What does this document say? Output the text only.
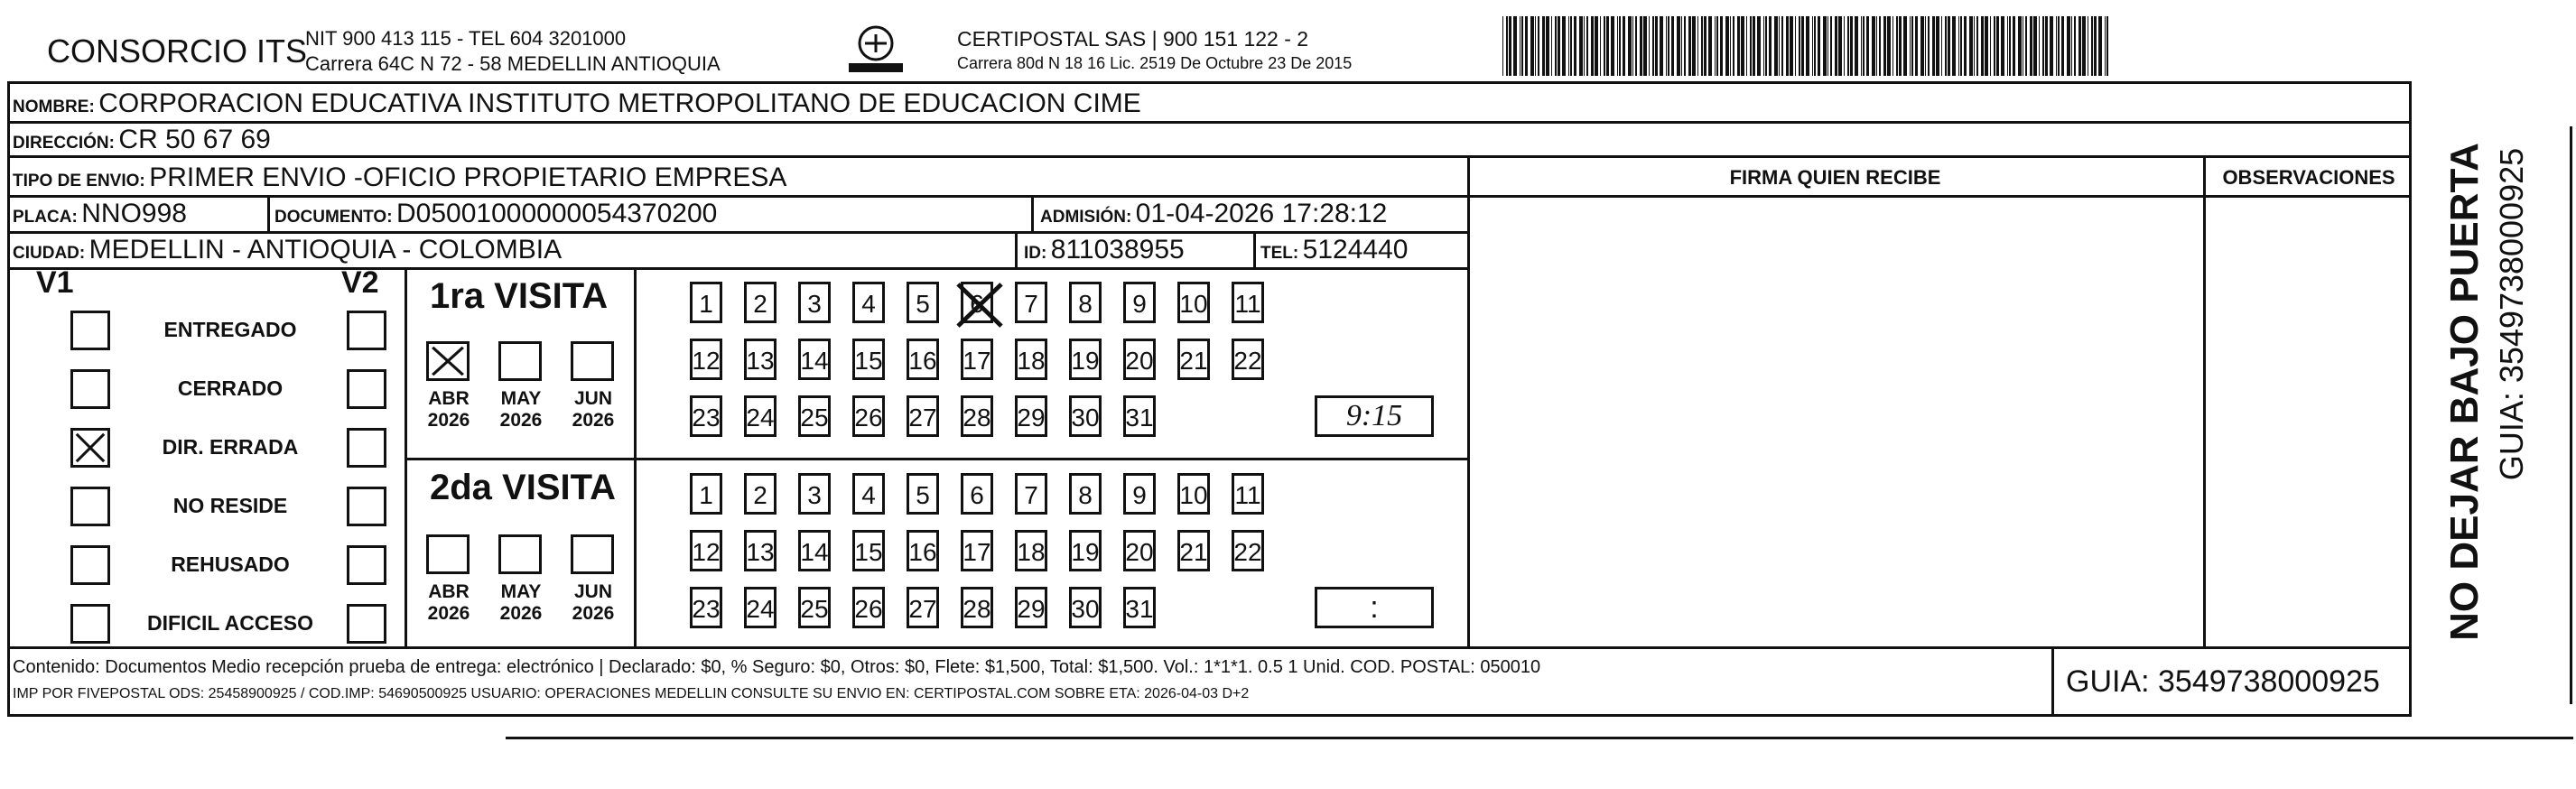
CONSORCIO ITS
NIT 900 413 115 - TEL 604 3201000
Carrera 64C N 72 - 58 MEDELLIN ANTIOQUIA
CERTIPOSTAL SAS | 900 151 122 - 2
Carrera 80d N 18 16 Lic. 2519 De Octubre 23 De 2015
NOMBRE: CORPORACION EDUCATIVA INSTITUTO METROPOLITANO DE EDUCACION CIME
DIRECCIÓN: CR 50 67 69
TIPO DE ENVIO: PRIMER ENVIO -OFICIO PROPIETARIO EMPRESA
PLACA: NNO998	DOCUMENTO: D05001000000054370200	ADMISIÓN: 01-04-2026 17:28:12
CIUDAD: MEDELLIN - ANTIOQUIA - COLOMBIA	ID: 811038955	TEL: 5124440
FIRMA QUIEN RECIBE	OBSERVACIONES
V1	V2
ENTREGADO
CERRADO
DIR. ERRADA
NO RESIDE
REHUSADO
DIFICIL ACCESO
1ra VISITA
2da VISITA
ABR
2026
MAY
2026
JUN
2026
ABR
2026
MAY
2026
JUN
2026
1	2	3	4	5	6	7	8	9	10 11
12 13 14 15 16 17 18 19 20 21 22
23 24 25 26 27 28 29 30 31	9:15
1	2	3	4	5	6	7	8	9	10 11
12 13 14 15 16 17 18 19 20 21 22
23 24 25 26 27 28 29 30 31	:
Contenido: Documentos Medio recepción prueba de entrega: electrónico | Declarado: $0, % Seguro: $0, Otros: $0, Flete: $1,500, Total: $1,500. Vol.: 1*1*1. 0.5 1 Unid. COD. POSTAL: 050010
IMP POR FIVEPOSTAL ODS: 25458900925 / COD.IMP: 54690500925 USUARIO: OPERACIONES MEDELLIN CONSULTE SU ENVIO EN: CERTIPOSTAL.COM SOBRE ETA: 2026-04-03 D+2	GUIA: 3549738000925
NO DEJAR BAJO PUERTA GUIA: 3549738000925
